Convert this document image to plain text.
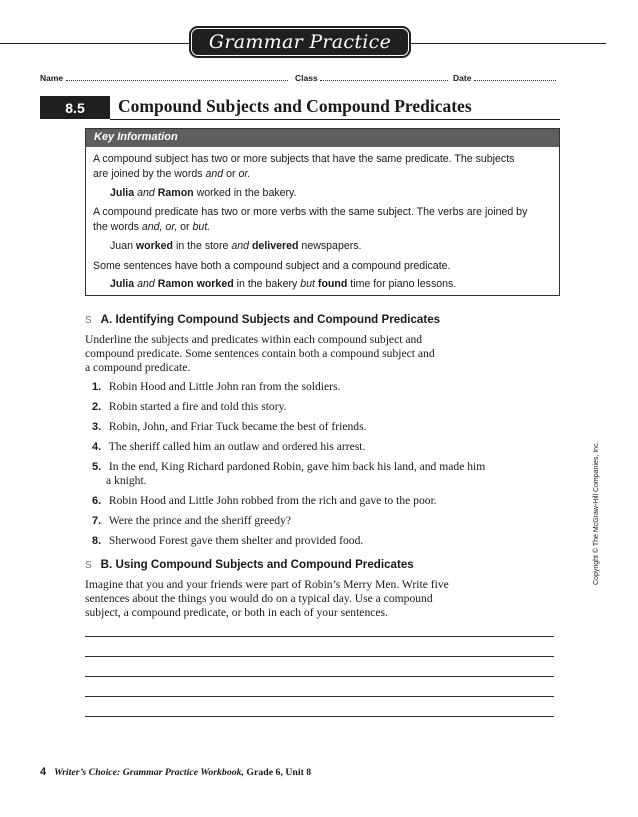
Grammar Practice
Name	Class	Date
8.5	Compound Subjects and Compound Predicates
Key Information
A compound subject has two or more subjects that have the same predicate. The subjects
are joined by the words and or or.
Julia and Ramon worked in the bakery.
A compound predicate has two or more verbs with the same subject. The verbs are joined by
the words and, or, or but.
Juan worked in the store and delivered newspapers.
Some sentences have both a compound subject and a compound predicate.
Julia and Ramon worked in the bakery but found time for piano lessons.
S A. Identifying Compound Subjects and Compound Predicates
Underline the subjects and predicates within each compound subject and
compound predicate. Some sentences contain both a compound subject and
a compound predicate.
1. Robin Hood and Little John ran from the soldiers.
2. Robin started a fire and told this story.
3. Robin, John, and Friar Tuck became the best of friends.
4. The sheriff called him an outlaw and ordered his arrest.
5. In the end, King Richard pardoned Robin, gave him back his land, and made him
a knight.
6. Robin Hood and Little John robbed from the rich and gave to the poor.
7. Were the prince and the sheriff greedy?
8. Sherwood Forest gave them shelter and provided food.
S B. Using Compound Subjects and Compound Predicates
Imagine that you and your friends were part of Robin’s Merry Men. Write five
sentences about the things you would do on a typical day. Use a compound
subject, a compound predicate, or both in each of your sentences.
Copyright © The McGraw-Hill Companies, Inc.
4 Writer’s Choice: Grammar Practice Workbook, Grade 6, Unit 8
